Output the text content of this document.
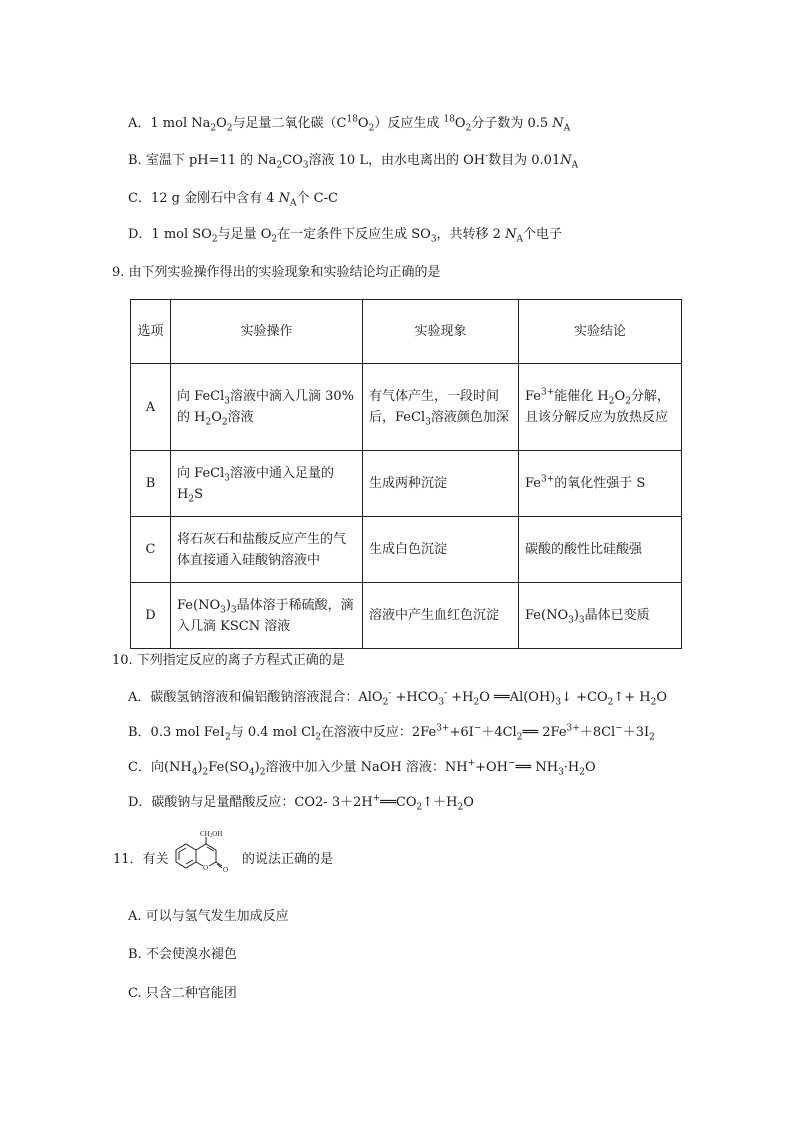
A．1 mol $Na_2O_2$与足量二氧化碳$(C^{18}O_2)$反应生成 $^{18}O_2$分子数为 0.5 $N_A$
B. 室温下 pH=11 的 $Na_2CO_3$溶液 10 L，由水电离出的 OH-数目为 $0.01N_A$
C．12 g 金刚石中含有 4 $N_A$个 C-C
D．1 mol $SO_2$与足量 $O_2$在一定条件下反应生成 $SO_3$，共转移 2 $N_A$个电子
9. 由下列实验操作得出的实验现象和实验结论均正确的是
选项	实验操作	实验现象	实验结论
A	向 FeCl$_3$溶液中滴入几滴 30%的 $H_2O_2$溶液	有气体产生，一段时间后，FeCl$_3$溶液颜色加深	$Fe^{3+}$能催化 $H_2O_2$分解，且该分解反应为放热反应
B	向 FeCl$_3$溶液中通入足量的 $H_2S$	生成两种沉淀	$Fe^{3+}$的氧化性强于 S
C	将石灰石和盐酸反应产生的气体直接通入硅酸钠溶液中	生成白色沉淀	碳酸的酸性比硅酸强
D	$Fe(NO_3)_3$晶体溶于稀硫酸，滴入几滴 KSCN 溶液	溶液中产生血红色沉淀	$Fe(NO_3)_3$晶体已变质
10. 下列指定反应的离子方程式正确的是
A．碳酸氢钠溶液和偏铝酸钠溶液混合：$AlO_2^- +HCO_3^- +H_2O$ $══Al(OH)_3↓$ $+CO_2↑+ H_2O$
B．0.3 mol FeI$_2$与 0.4 mol $Cl_2$在溶液中反应：$2Fe^{3+}+6I^-+4Cl_2══$ $2Fe^{3+}+8Cl^-+3I_2$
C．向$(NH_4)_2Fe(SO_4)_2$溶液中加入少量 NaOH 溶液：NH++OH−══ $NH_3\cdot H_2O$
D．碳酸钠与足量醋酸反应：CO2- $3+2H^+══CO_2↑+H_2O$
11．有关
CH2OH
O O
的说法正确的是
A. 可以与氢气发生加成反应
B. 不会使溴水褪色
C. 只含二种官能团
